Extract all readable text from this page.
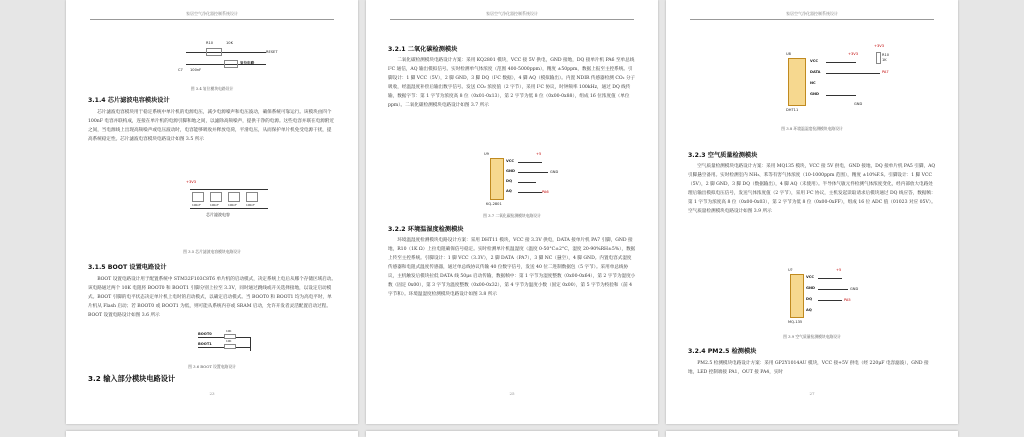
家居空气净化器控制系统设计
R10	10K
复位电路
C7 100nF
RESET
图 3.4 复位模块电路设计
3.1.4 芯片滤波电容模块设计

芯片滤波电容模块用于稳定系统中单片机的电源电压，减少电源噪声和电压波动，确保系统可靠运行。该模块由四个 100nF 电容并联构成，连接在单片机的电源引脚和地之间，以滤除高频噪声，提供干净的电源。这些电容并联在电源附近之间，当电源线上出现高频噪声或电压波动时，电容能够吸收并释放电荷，平滑电压，从而保护单片机免受电源干扰，提高系统稳定性。芯片滤波电容模块电路设计如图 3.5 所示

+3V3
100nF	100nF	100nF	100nF
芯片滤波电容
图 3.5 芯片滤波电容模块电路设计
3.1.5 BOOT 设置电路设计

BOOT 设置电路设计用于配置系统中 STM32F103C8T6 单片机的启动模式，决定系统上电后从哪个存储区域启动。该电路通过两个 10K 电阻将 BOOT0 和 BOOT1 引脚分别上拉至 3.3V，同时通过跳线或开关选择接地，以设定启动模式。BOOT 引脚的电平状态决定单片机上电时的启动模式，以确定启动模式。当 BOOT0 和 BOOT1 均为高电平时，单片机从 Flash 启动；若 BOOT0 或 BOOT1 为低，则可能从系统内存或 SRAM 启动，允许开发者灵活配置启动过程。BOOT 设置电路设计如图 3.6 所示

BOOT0
BOOT1
10K
10K
图 3.6 BOOT 设置电路设计
3.2 输入部分模块电路设计
23
家居空气净化器控制系统设计
3.2.1 二氧化碳检测模块

二氧化碳检测模块电路设计方案：采用 KQ2801 模块，VCC 接 5V 供电，GND 接地，DQ 接单片机 PA6 至单总线 I²C 通信，AQ 输出模拟信号。实时检测单气体浓度（范围 400-5000ppm），精度 ±50ppm，数据上报至主控系统。引脚设计：1 脚 VCC（5V），2 脚 GND，3 脚 DQ（I²C 数据），4 脚 AQ（模拟输出）。内置 NDIR 传感器检测 CO₂ 分子吸收，经温湿度补偿后输出数字信号。发送 CO₂ 浓度值（2 字节），采用 I²C 协议，时钟频率 100kHz，通过 DQ 线传输，数据字节：第 1 字节为浓度高 8 位（0x01-0x13），第 2 字节为低 8 位（0x00-0x88），组成 16 位浓度值（单位 ppm）。二氧化碳检测模块电路设计如图 3.7 所示

U9
VCC
GND
DQ
AQ
+5
GND
PA6
KQ-2801
图 3.7 二氧化碳检测模块电路设计
3.2.2 环境温湿度检测模块

环境温湿度检测模块电路设计方案：采用 DHT11 模块，VCC 接 3.3V 供电，DATA 接单片机 PA7 引脚，GND 接地，R10（1K Ω）上拉电阻确保信号稳定。实时检测单片机温湿度（温度 0-50°C±2°C，湿度 20-90%RH±5%），数据上传至主控系统。引脚设计：1 脚 VCC（3.3V），2 脚 DATA（PA7），3 脚 NC（悬空），4 脚 GND。内置电容式湿度传感器和电阻式温度传感器，通过单总线协议传输 40 位数字信号，发送 40 位二进制数据包（5 字节）。采用单总线协议，主机触发后模块拉低 DATA 线 50μs 启动传输，数据帧中：第 1 字节为湿度整数（0x00-0x64），第 2 字节为湿度小数（固定 0x00），第 3 字节为温度整数（0x00-0x32），第 4 字节为温度小数（固定 0x00），第 5 字节为校验和（前 4 字节和）。环境温湿度检测模块电路设计如图 3.8 所示

25
家居空气净化器控制系统设计
U8
VCC
DATA
NC
GND
+3V3
+3V3
R10
1K
PA7
GND
DHT11
图 3.8 环境温湿度检测模块电路设计
3.2.3 空气质量检测模块

空气质量检测模块电路设计方案：采用 MQ135 模块，VCC 接 5V 供电，GND 接地，DQ 接单片机 PA5 引脚，AQ 引脚悬空备用。实时检测室内 NH₃、苯等有害气体浓度（10-1000ppm 范围），精度 ±10%F.S。引脚设计：1 脚 VCC（5V），2 脚 GND，3 脚 DQ（数据输出），4 脚 AQ（未使用）。半导体气敏元件检测气体浓度变化，经内部放大电路处理后输出模拟电压信号，发送气体浓度值（2 字节），采用 I²C 协议，主机发起读取请求后模块通过 DQ 线应答，数据帧：第 1 字节为浓度高 8 位（0x00-0x03），第 2 字节为低 8 位（0x00-0xFF），组成 16 位 ADC 值（01023 对应 05V）。空气质量检测模块电路设计如图 3.9 所示

U?
VCC
GND
DQ
AQ
+5
GND
PA5
MQ-135
图 3.9 空气质量检测模块电路设计
3.2.4 PM2.5 检测模块

PM2.5 检测模块电路设计方案：采用 GP2Y1014AU 模块，VCC 接+5V 供电（经 220μF 电容滤波），GND 接地，LED 控制端接 PA1，OUT 接 PA4，实时

27
